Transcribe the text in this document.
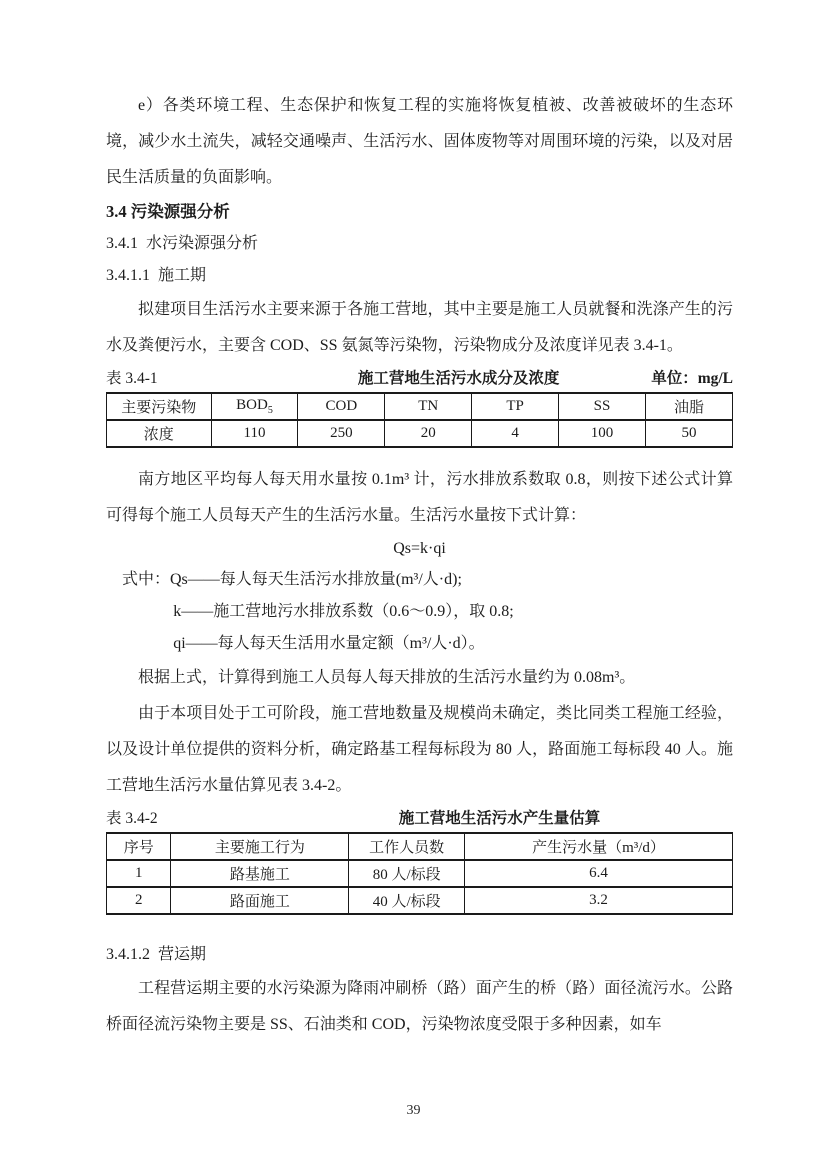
e）各类环境工程、生态保护和恢复工程的实施将恢复植被、改善被破坏的生态环境，减少水土流失，减轻交通噪声、生活污水、固体废物等对周围环境的污染，以及对居民生活质量的负面影响。

3.4 污染源强分析
3.4.1  水污染源强分析
3.4.1.1  施工期

拟建项目生活污水主要来源于各施工营地，其中主要是施工人员就餐和洗涤产生的污水及粪便污水，主要含 COD、SS 氨氮等污染物，污染物成分及浓度详见表 3.4-1。

表 3.4-1	施工营地生活污水成分及浓度	单位：mg/L
主要污染物	$BOD_5$	COD	TN	TP	SS	油脂
浓度	110	250	20	4	100	50

南方地区平均每人每天用水量按 0.1m³ 计，污水排放系数取 0.8，则按下述公式计算可得每个施工人员每天产生的生活污水量。生活污水量按下式计算：

Qs=k·qi
式中：Qs——每人每天生活污水排放量(m³/人·d);
k——施工营地污水排放系数（0.6～0.9），取 0.8;
qi——每人每天生活用水量定额（m³/人·d）。

根据上式，计算得到施工人员每人每天排放的生活污水量约为 0.08m³。

由于本项目处于工可阶段，施工营地数量及规模尚未确定，类比同类工程施工经验，以及设计单位提供的资料分析，确定路基工程每标段为 80 人，路面施工每标段 40 人。施工营地生活污水量估算见表 3.4-2。

表 3.4-2	施工营地生活污水产生量估算
序号	主要施工行为	工作人员数	产生污水量（m³/d）
1	路基施工	80 人/标段	6.4
2	路面施工	40 人/标段	3.2
3.4.1.2  营运期

工程营运期主要的水污染源为降雨冲刷桥（路）面产生的桥（路）面径流污水。公路桥面径流污染物主要是 SS、石油类和 COD，污染物浓度受限于多种因素，如车

39
